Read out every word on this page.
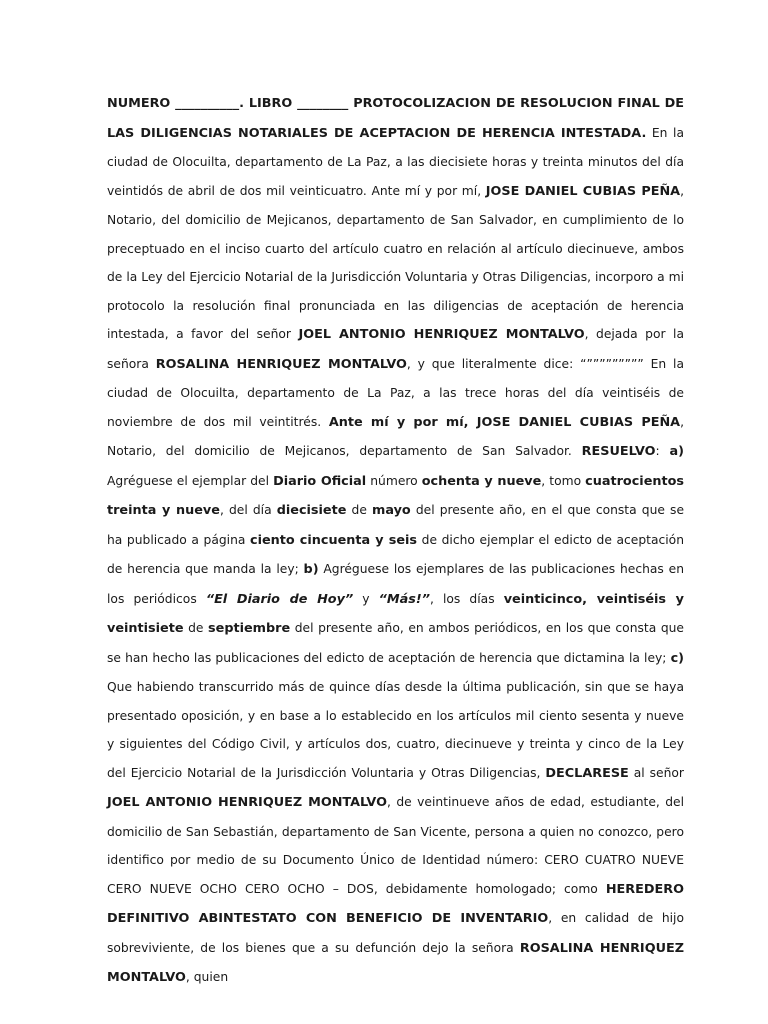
NUMERO __________. LIBRO ________ PROTOCOLIZACION DE RESOLUCION FINAL DE LAS DILIGENCIAS NOTARIALES DE ACEPTACION DE HERENCIA INTESTADA. En la ciudad de Olocuilta, departamento de La Paz, a las diecisiete horas y treinta minutos del día veintidós de abril de dos mil veinticuatro. Ante mí y por mí, JOSE DANIEL CUBIAS PEÑA, Notario, del domicilio de Mejicanos, departamento de San Salvador, en cumplimiento de lo preceptuado en el inciso cuarto del artículo cuatro en relación al artículo diecinueve, ambos de la Ley del Ejercicio Notarial de la Jurisdicción Voluntaria y Otras Diligencias, incorporo a mi protocolo la resolución final pronunciada en las diligencias de aceptación de herencia intestada, a favor del señor JOEL ANTONIO HENRIQUEZ MONTALVO, dejada por la señora ROSALINA HENRIQUEZ MONTALVO, y que literalmente dice: “””””””””” En la ciudad de Olocuilta, departamento de La Paz, a las trece horas del día veintiséis de noviembre de dos mil veintitrés. Ante mí y por mí, JOSE DANIEL CUBIAS PEÑA, Notario, del domicilio de Mejicanos, departamento de San Salvador. RESUELVO: a) Agréguese el ejemplar del Diario Oficial número ochenta y nueve, tomo cuatrocientos treinta y nueve, del día diecisiete de mayo del presente año, en el que consta que se ha publicado a página ciento cincuenta y seis de dicho ejemplar el edicto de aceptación de herencia que manda la ley; b) Agréguese los ejemplares de las publicaciones hechas en los periódicos “El Diario de Hoy” y “Más!”, los días veinticinco, veintiséis y veintisiete de septiembre del presente año, en ambos periódicos, en los que consta que se han hecho las publicaciones del edicto de aceptación de herencia que dictamina la ley; c) Que habiendo transcurrido más de quince días desde la última publicación, sin que se haya presentado oposición, y en base a lo establecido en los artículos mil ciento sesenta y nueve y siguientes del Código Civil, y artículos dos, cuatro, diecinueve y treinta y cinco de la Ley del Ejercicio Notarial de la Jurisdicción Voluntaria y Otras Diligencias, DECLARESE al señor JOEL ANTONIO HENRIQUEZ MONTALVO, de veintinueve años de edad, estudiante, del domicilio de San Sebastián, departamento de San Vicente, persona a quien no conozco, pero identifico por medio de su Documento Único de Identidad número: CERO CUATRO NUEVE CERO NUEVE OCHO CERO OCHO – DOS, debidamente homologado; como HEREDERO DEFINITIVO ABINTESTATO CON BENEFICIO DE INVENTARIO, en calidad de hijo sobreviviente, de los bienes que a su defunción dejo la señora ROSALINA HENRIQUEZ MONTALVO, quien
